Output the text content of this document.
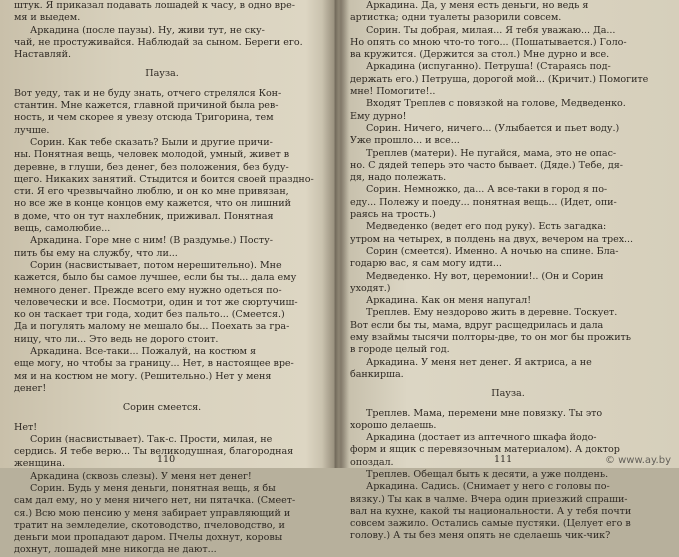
штук. Я приказал подавать лошадей к часу, в одно вре-

мя и выедем.

Аркадина (после паузы). Ну, живи тут, не ску-

чай, не простуживайся. Наблюдай за сыном. Береги его.

Наставляй.

Пауза.

Вот уеду, так и не буду знать, отчего стрелялся Кон-

стантин. Мне кажется, главной причиной была рев-

ность, и чем скорее я увезу отсюда Тригорина, тем

лучше.

Сорин. Как тебе сказать? Были и другие причи-

ны. Понятная вещь, человек молодой, умный, живет в

деревне, в глуши, без денег, без положения, без буду-

щего. Никаких занятий. Стыдится и боится своей праздно-

сти. Я его чрезвычайно люблю, и он ко мне привязан,

но все же в конце концов ему кажется, что он лишний

в доме, что он тут нахлебник, приживал. Понятная

вещь, самолюбие...

Аркадина. Горе мне с ним! (В раздумье.) Посту-

пить бы ему на службу, что ли...

Сорин (насвистывает, потом нерешительно). Мне

кажется, было бы самое лучшее, если бы ты... дала ему

немного денег. Прежде всего ему нужно одеться по-

человечески и все. Посмотри, один и тот же сюртучиш-

ко он таскает три года, ходит без пальто... (Смеется.)

Да и погулять малому не мешало бы... Поехать за гра-

ницу, что ли... Это ведь не дорого стоит.

Аркадина. Все-таки... Пожалуй, на костюм я

еще могу, но чтобы за границу... Нет, в настоящее вре-

мя и на костюм не могу. (Решительно.) Нет у меня

денег!

Сорин смеется.

Нет!

Сорин (насвистывает). Так-с. Прости, милая, не

сердись. Я тебе верю... Ты великодушная, благородная

женщина.

Аркадина (сквозь слезы). У меня нет денег!

Сорин. Будь у меня деньги, понятная вещь, я бы

сам дал ему, но у меня ничего нет, ни пятачка. (Смеет-

ся.) Всю мою пенсию у меня забирает управляющий и

тратит на земледелие, скотоводство, пчеловодство, и

деньги мои пропадают даром. Пчелы дохнут, коровы

дохнут, лошадей мне никогда не дают...

110

Аркадина. Да, у меня есть деньги, но ведь я

артистка; одни туалеты разорили совсем.

Сорин. Ты добрая, милая... Я тебя уважаю... Да...

Но опять со мною что-то того... (Пошатывается.) Голо-

ва кружится. (Держится за стол.) Мне дурно и все.

Аркадина (испуганно). Петруша! (Стараясь под-

держать его.) Петруша, дорогой мой... (Кричит.) Помогите

мне! Помогите!..

Входят Треплев с повязкой на голове, Медведенко.

Ему дурно!

Сорин. Ничего, ничего... (Улыбается и пьет воду.)

Уже прошло... и все...

Треплев (матери). Не пугайся, мама, это не опас-

но. С дядей теперь это часто бывает. (Дяде.) Тебе, дя-

дя, надо полежать.

Сорин. Немножко, да... А все-таки в город я по-

еду... Полежу и поеду... понятная вещь... (Идет, опи-

раясь на трость.)

Медведенко (ведет его под руку). Есть загадка:

утром на четырех, в полдень на двух, вечером на трех...

Сорин (смеется). Именно. А ночью на спине. Бла-

годарю вас, я сам могу идти...

Медведенко. Ну вот, церемонии!.. (Он и Сорин

уходят.)

Аркадина. Как он меня напугал!

Треплев. Ему нездорово жить в деревне. Тоскует.

Вот если бы ты, мама, вдруг расщедрилась и дала

ему взаймы тысячи полторы-две, то он мог бы прожить

в городе целый год.

Аркадина. У меня нет денег. Я актриса, а не

банкирша.

Пауза.

Треплев. Мама, перемени мне повязку. Ты это

хорошо делаешь.

Аркадина (достает из аптечного шкафа йодо-

форм и ящик с перевязочным материалом). А доктор

опоздал.

Треплев. Обещал быть к десяти, а уже полдень.

Аркадина. Садись. (Снимает у него с головы по-

вязку.) Ты как в чалме. Вчера один приезжий спраши-

вал на кухне, какой ты национальности. А у тебя почти

совсем зажило. Остались самые пустяки. (Целует его в

голову.) А ты без меня опять не сделаешь чик-чик?

111	© www.ay.by
